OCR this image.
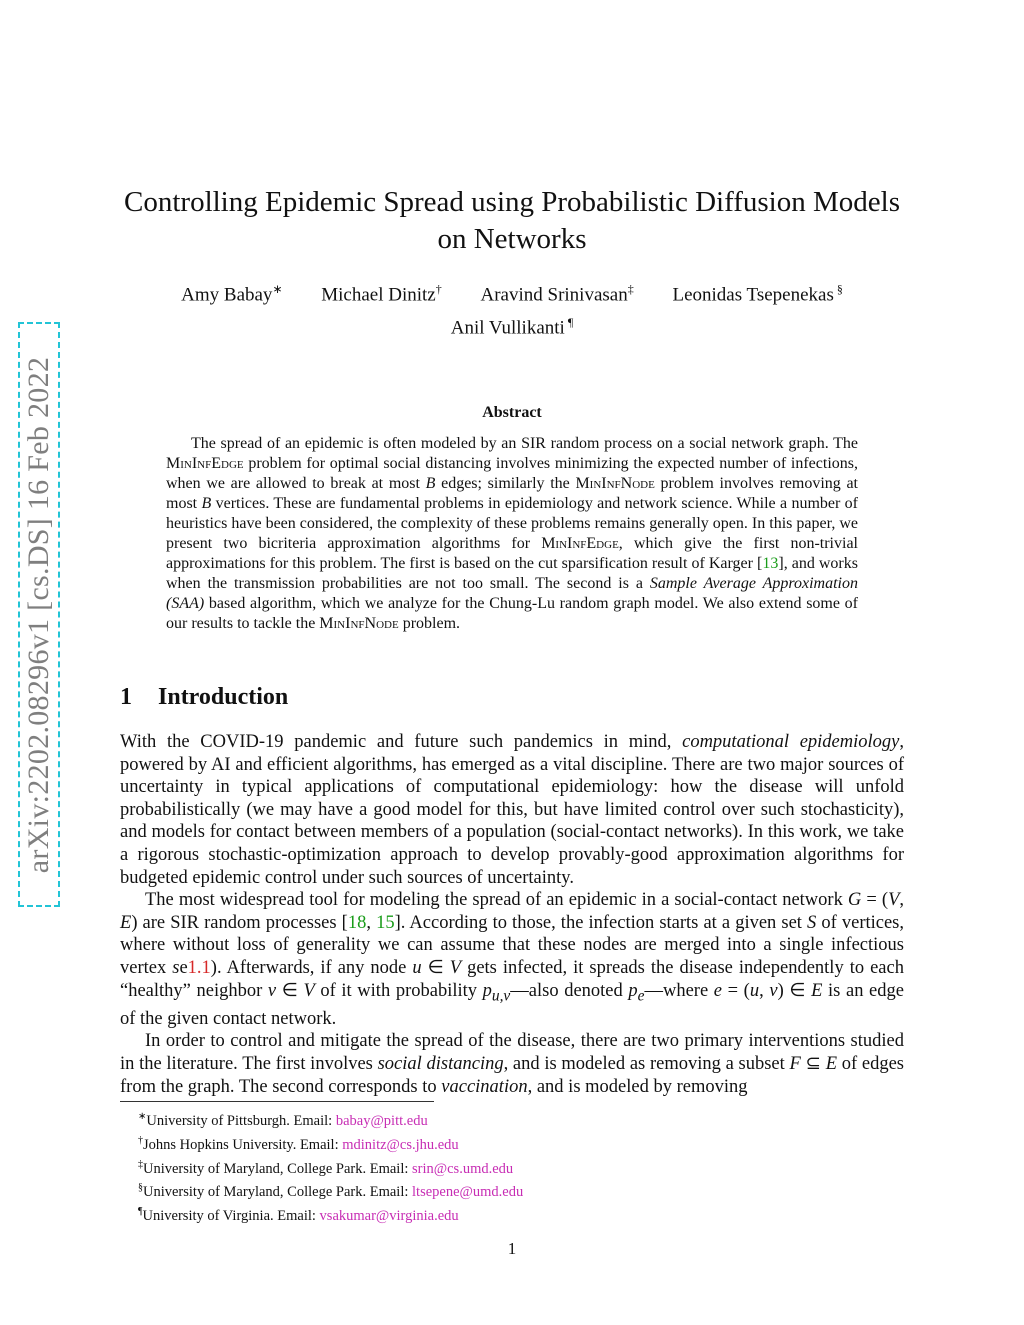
arXiv:2202.08296v1 [cs.DS] 16 Feb 2022
Controlling Epidemic Spread using Probabilistic Diffusion Models on Networks
Amy Babay∗ Michael Dinitz† Aravind Srinivasan‡ Leonidas Tsepenekas §
Anil Vullikanti ¶
Abstract

The spread of an epidemic is often modeled by an SIR random process on a social network graph. The MinInfEdge problem for optimal social distancing involves minimizing the expected number of infections, when we are allowed to break at most B edges; similarly the MinInfNode problem involves removing at most B vertices. These are fundamental problems in epidemiology and network science. While a number of heuristics have been considered, the complexity of these problems remains generally open. In this paper, we present two bicriteria approximation algorithms for MinInfEdge, which give the first non-trivial approximations for this problem. The first is based on the cut sparsification result of Karger [13], and works when the transmission probabilities are not too small. The second is a Sample Average Approximation (SAA) based algorithm, which we analyze for the Chung-Lu random graph model. We also extend some of our results to tackle the MinInfNode problem.

1 Introduction

With the COVID-19 pandemic and future such pandemics in mind, computational epidemiology, powered by AI and efficient algorithms, has emerged as a vital discipline. There are two major sources of uncertainty in typical applications of computational epidemiology: how the disease will unfold probabilistically (we may have a good model for this, but have limited control over such stochasticity), and models for contact between members of a population (social-contact networks). In this work, we take a rigorous stochastic-optimization approach to develop provably-good approximation algorithms for budgeted epidemic control under such sources of uncertainty.

The most widespread tool for modeling the spread of an epidemic in a social-contact network G = (V, E) are SIR random processes [18, 15]. According to those, the infection starts at a given set S of vertices, where without loss of generality we can assume that these nodes are merged into a single infectious vertex se1.1). Afterwards, if any node u ∈ V gets infected, it spreads the disease independently to each “healthy” neighbor v ∈ V of it with probability $p_{u,v}—also$ denoted $p_e—where$ e = (u, v) ∈ E is an edge of the given contact network.

In order to control and mitigate the spread of the disease, there are two primary interventions studied in the literature. The first involves social distancing, and is modeled as removing a subset F ⊆ E of edges from the graph. The second corresponds to vaccination, and is modeled by removing

∗University of Pittsburgh. Email: babay@pitt.edu
†Johns Hopkins University. Email: mdinitz@cs.jhu.edu
‡University of Maryland, College Park. Email: srin@cs.umd.edu
§University of Maryland, College Park. Email: ltsepene@umd.edu
¶University of Virginia. Email: vsakumar@virginia.edu
1
